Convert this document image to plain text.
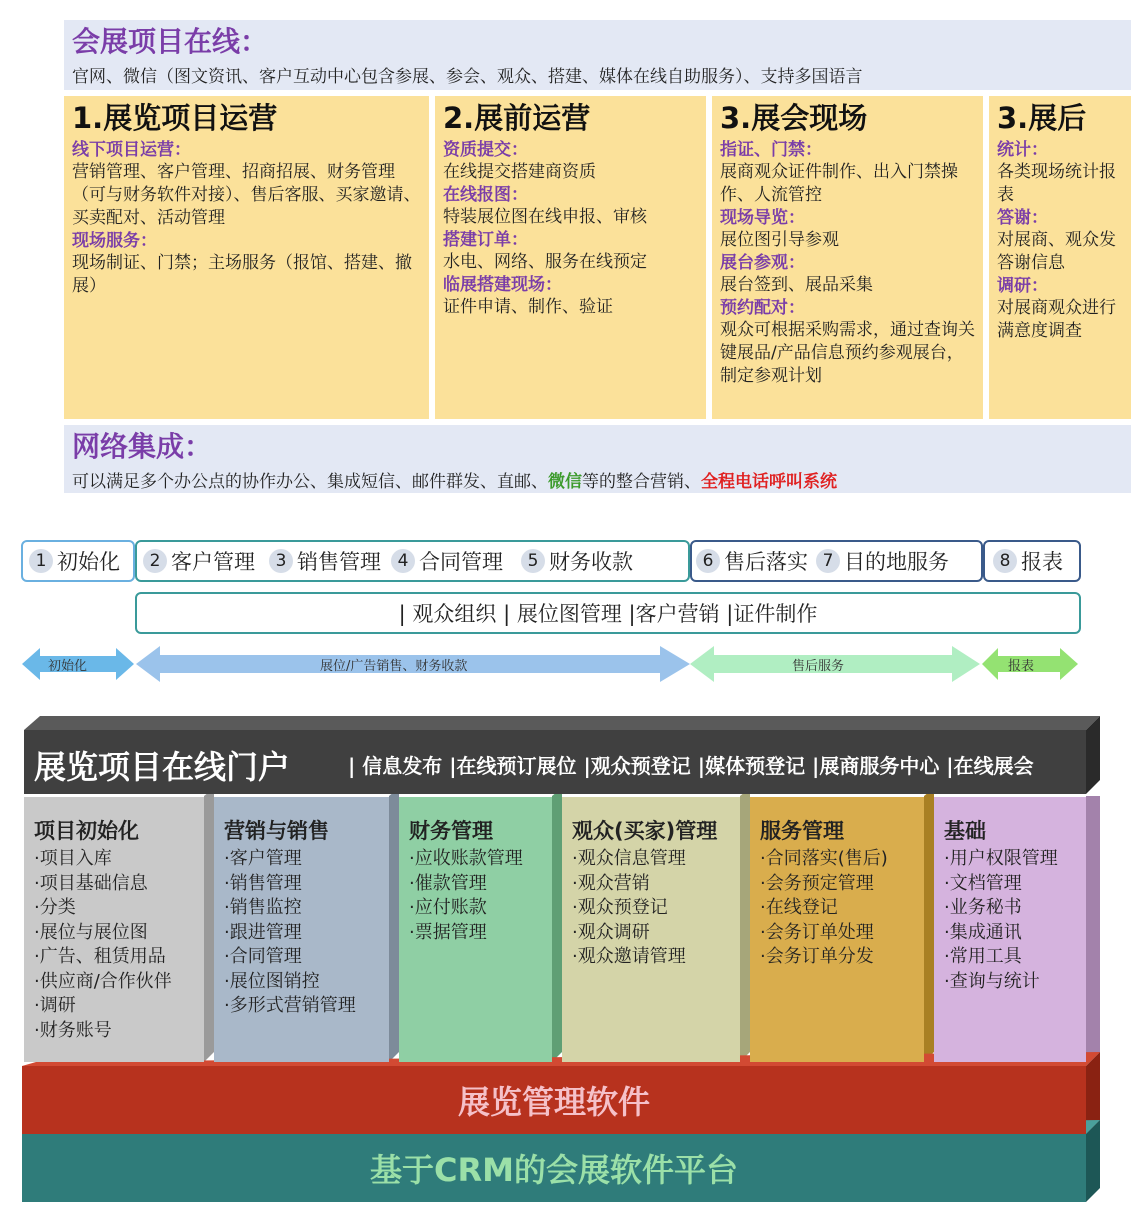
会展项目在线：
官网、微信（图文资讯、客户互动中心包含参展、参会、观众、搭建、媒体在线自助服务）、支持多国语言
1.展览项目运营
线下项目运营：
营销管理、客户管理、招商招展、财务管理（可与财务软件对接）、售后客服、买家邀请、买卖配对、活动管理
现场服务：
现场制证、门禁；主场服务（报馆、搭建、撤展）
2.展前运营
资质提交：
在线提交搭建商资质
在线报图：
特装展位图在线申报、审核
搭建订单：
水电、网络、服务在线预定
临展搭建现场：
证件申请、制作、验证
3.展会现场
指证、门禁：
展商观众证件制作、出入门禁操作、人流管控
现场导览：
展位图引导参观
展台参观：
展台签到、展品采集
预约配对：
观众可根据采购需求，通过查询关键展品/产品信息预约参观展台，制定参观计划
3.展后
统计：
各类现场统计报表
答谢：
对展商、观众发答谢信息
调研：
对展商观众进行满意度调查
网络集成：
可以满足多个办公点的协作办公、集成短信、邮件群发、直邮、微信等的整合营销、全程电话呼叫系统
1 初始化	2 客户管理	3 销售管理 4 合同管理	5 财务收款	6 售后落实 7 目的地服务	8 报表
| 观众组织 | 展位图管理 |客户营销 |证件制作
初始化	展位/广告销售、财务收款	售后服务	报表
展览项目在线门户	| 信息发布 |在线预订展位 |观众预登记 |媒体预登记 |展商服务中心 |在线展会
项目初始化
·项目入库
·项目基础信息
·分类
·展位与展位图
·广告、租赁用品
·供应商/合作伙伴
·调研
·财务账号
营销与销售
·客户管理
·销售管理
·销售监控
·跟进管理
·合同管理
·展位图销控
·多形式营销管理
财务管理
·应收账款管理
·催款管理
·应付账款
·票据管理
观众(买家)管理
·观众信息管理
·观众营销
·观众预登记
·观众调研
·观众邀请管理
服务管理
·合同落实(售后)
·会务预定管理
·在线登记
·会务订单处理
·会务订单分发
基础
·用户权限管理
·文档管理
·业务秘书
·集成通讯
·常用工具
·查询与统计
展览管理软件
基于CRM的会展软件平台
